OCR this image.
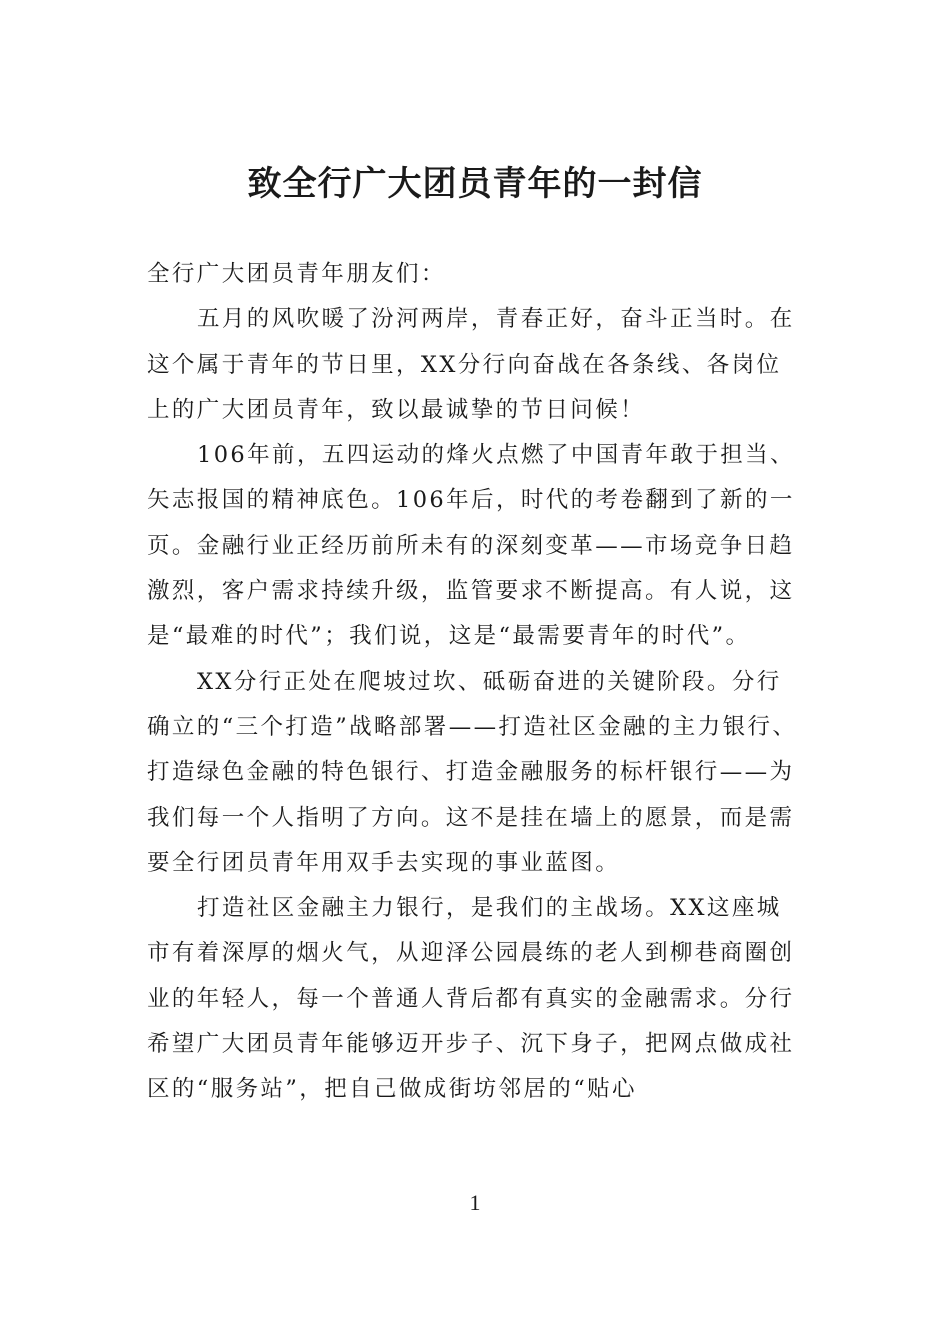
致全行广大团员青年的一封信

全行广大团员青年朋友们：

五月的风吹暖了汾河两岸，青春正好，奋斗正当时。在这个属于青年的节日里，XX分行向奋战在各条线、各岗位上的广大团员青年，致以最诚挚的节日问候！

106年前，五四运动的烽火点燃了中国青年敢于担当、矢志报国的精神底色。106年后，时代的考卷翻到了新的一页。金融行业正经历前所未有的深刻变革——市场竞争日趋激烈，客户需求持续升级，监管要求不断提高。有人说，这是“最难的时代”；我们说，这是“最需要青年的时代”。

XX分行正处在爬坡过坎、砥砺奋进的关键阶段。分行确立的“三个打造”战略部署——打造社区金融的主力银行、打造绿色金融的特色银行、打造金融服务的标杆银行——为我们每一个人指明了方向。这不是挂在墙上的愿景，而是需要全行团员青年用双手去实现的事业蓝图。

打造社区金融主力银行，是我们的主战场。XX这座城市有着深厚的烟火气，从迎泽公园晨练的老人到柳巷商圈创业的年轻人，每一个普通人背后都有真实的金融需求。分行希望广大团员青年能够迈开步子、沉下身子，把网点做成社区的“服务站”，把自己做成街坊邻居的“贴心

1
